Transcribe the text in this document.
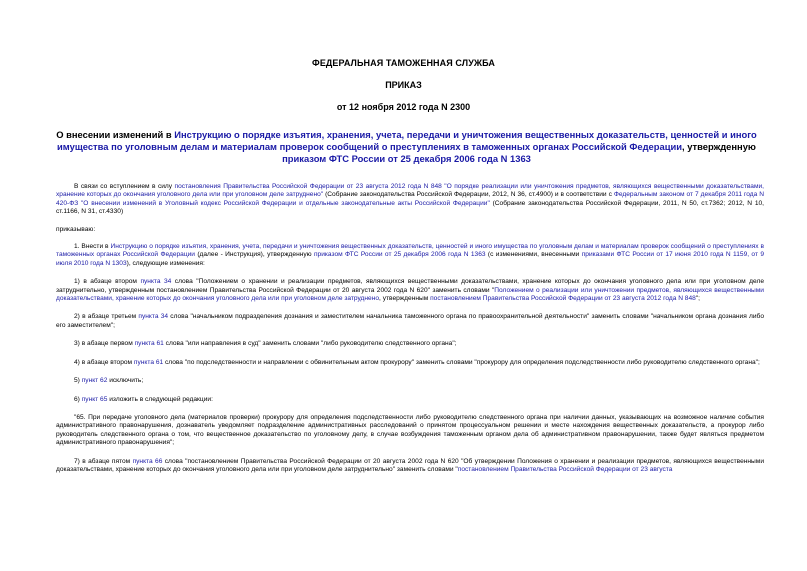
ФЕДЕРАЛЬНАЯ ТАМОЖЕННАЯ СЛУЖБА
ПРИКАЗ
от 12 ноября 2012 года N 2300
О внесении изменений в Инструкцию о порядке изъятия, хранения, учета, передачи и уничтожения вещественных доказательств, ценностей и иного имущества по уголовным делам и материалам проверок сообщений о преступлениях в таможенных органах Российской Федерации, утвержденную приказом ФТС России от 25 декабря 2006 года N 1363

В связи со вступлением в силу постановления Правительства Российской Федерации от 23 августа 2012 года N 848 "О порядке реализации или уничтожения предметов, являющихся вещественными доказательствами, хранение которых до окончания уголовного дела или при уголовном деле затруднено" (Собрание законодательства Российской Федерации, 2012, N 36, ст.4900) и в соответствии с Федеральным законом от 7 декабря 2011 года N 420-ФЗ "О внесении изменений в Уголовный кодекс Российской Федерации и отдельные законодательные акты Российской Федерации" (Собрание законодательства Российской Федерации, 2011, N 50, ст.7362; 2012, N 10, ст.1166, N 31, ст.4330)

приказываю:

1. Внести в Инструкцию о порядке изъятия, хранения, учета, передачи и уничтожения вещественных доказательств, ценностей и иного имущества по уголовным делам и материалам проверок сообщений о преступлениях в таможенных органах Российской Федерации (далее - Инструкция), утвержденную приказом ФТС России от 25 декабря 2006 года N 1363 (с изменениями, внесенными приказами ФТС России от 17 июня 2010 года N 1159, от 9 июля 2010 года N 1303), следующие изменения:

1) в абзаце втором пункта 34 слова "Положением о хранении и реализации предметов, являющихся вещественными доказательствами, хранение которых до окончания уголовного дела или при уголовном деле затруднительно, утвержденным постановлением Правительства Российской Федерации от 20 августа 2002 года N 620" заменить словами "Положением о реализации или уничтожении предметов, являющихся вещественными доказательствами, хранение которых до окончания уголовного дела или при уголовном деле затруднено, утвержденным постановлением Правительства Российской Федерации от 23 августа 2012 года N 848";

2) в абзаце третьем пункта 34 слова "начальником подразделения дознания и заместителем начальника таможенного органа по правоохранительной деятельности" заменить словами "начальником органа дознания либо его заместителем";

3) в абзаце первом пункта 61 слова "или направления в суд" заменить словами "либо руководителю следственного органа";

4) в абзаце втором пункта 61 слова "по подследственности и направлении с обвинительным актом прокурору" заменить словами "прокурору для определения подследственности либо руководителю следственного органа";

5) пункт 62 исключить;

6) пункт 65 изложить в следующей редакции:

"65. При передаче уголовного дела (материалов проверки) прокурору для определения подследственности либо руководителю следственного органа при наличии данных, указывающих на возможное наличие события административного правонарушения, дознаватель уведомляет подразделение административных расследований о принятом процессуальном решении и месте нахождения вещественных доказательств, а прокурор либо руководитель следственного органа о том, что вещественное доказательство по уголовному делу, в случае возбуждения таможенным органом дела об административном правонарушении, также будет являться предметом административного правонарушения";

7) в абзаце пятом пункта 66 слова "постановлением Правительства Российской Федерации от 20 августа 2002 года N 620 "Об утверждении Положения о хранении и реализации предметов, являющихся вещественными доказательствами, хранение которых до окончания уголовного дела или при уголовном деле затруднительно" заменить словами "постановлением Правительства Российской Федерации от 23 августа
